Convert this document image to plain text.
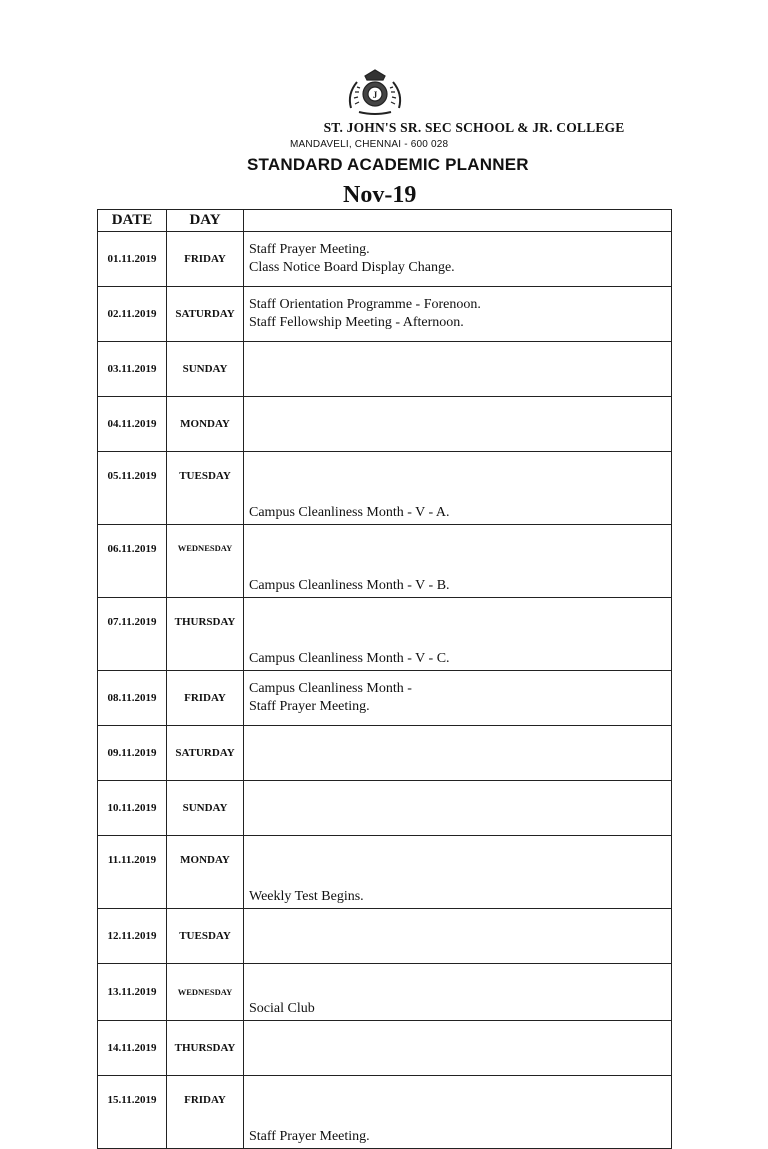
J
ST. JOHN'S SR. SEC SCHOOL & JR. COLLEGE
MANDAVELI, CHENNAI - 600 028
STANDARD ACADEMIC PLANNER
Nov-19
DATE	DAY	
01.11.2019	FRIDAY	Staff Prayer Meeting.
Class Notice Board Display Change.

02.11.2019	SATURDAY	Staff Orientation Programme - Forenoon.
Staff Fellowship Meeting - Afternoon.

03.11.2019	SUNDAY	
04.11.2019	MONDAY	
05.11.2019	TUESDAY	Campus Cleanliness Month - V - A.

06.11.2019	WEDNESDAY	Campus Cleanliness Month - V - B.

07.11.2019	THURSDAY	Campus Cleanliness Month - V - C.

08.11.2019	FRIDAY	Campus Cleanliness Month -
Staff Prayer Meeting.

09.11.2019	SATURDAY	
10.11.2019	SUNDAY	
11.11.2019	MONDAY	Weekly Test Begins.

12.11.2019	TUESDAY	
13.11.2019	WEDNESDAY	Social Club

14.11.2019	THURSDAY	
15.11.2019	FRIDAY	Staff Prayer Meeting.
